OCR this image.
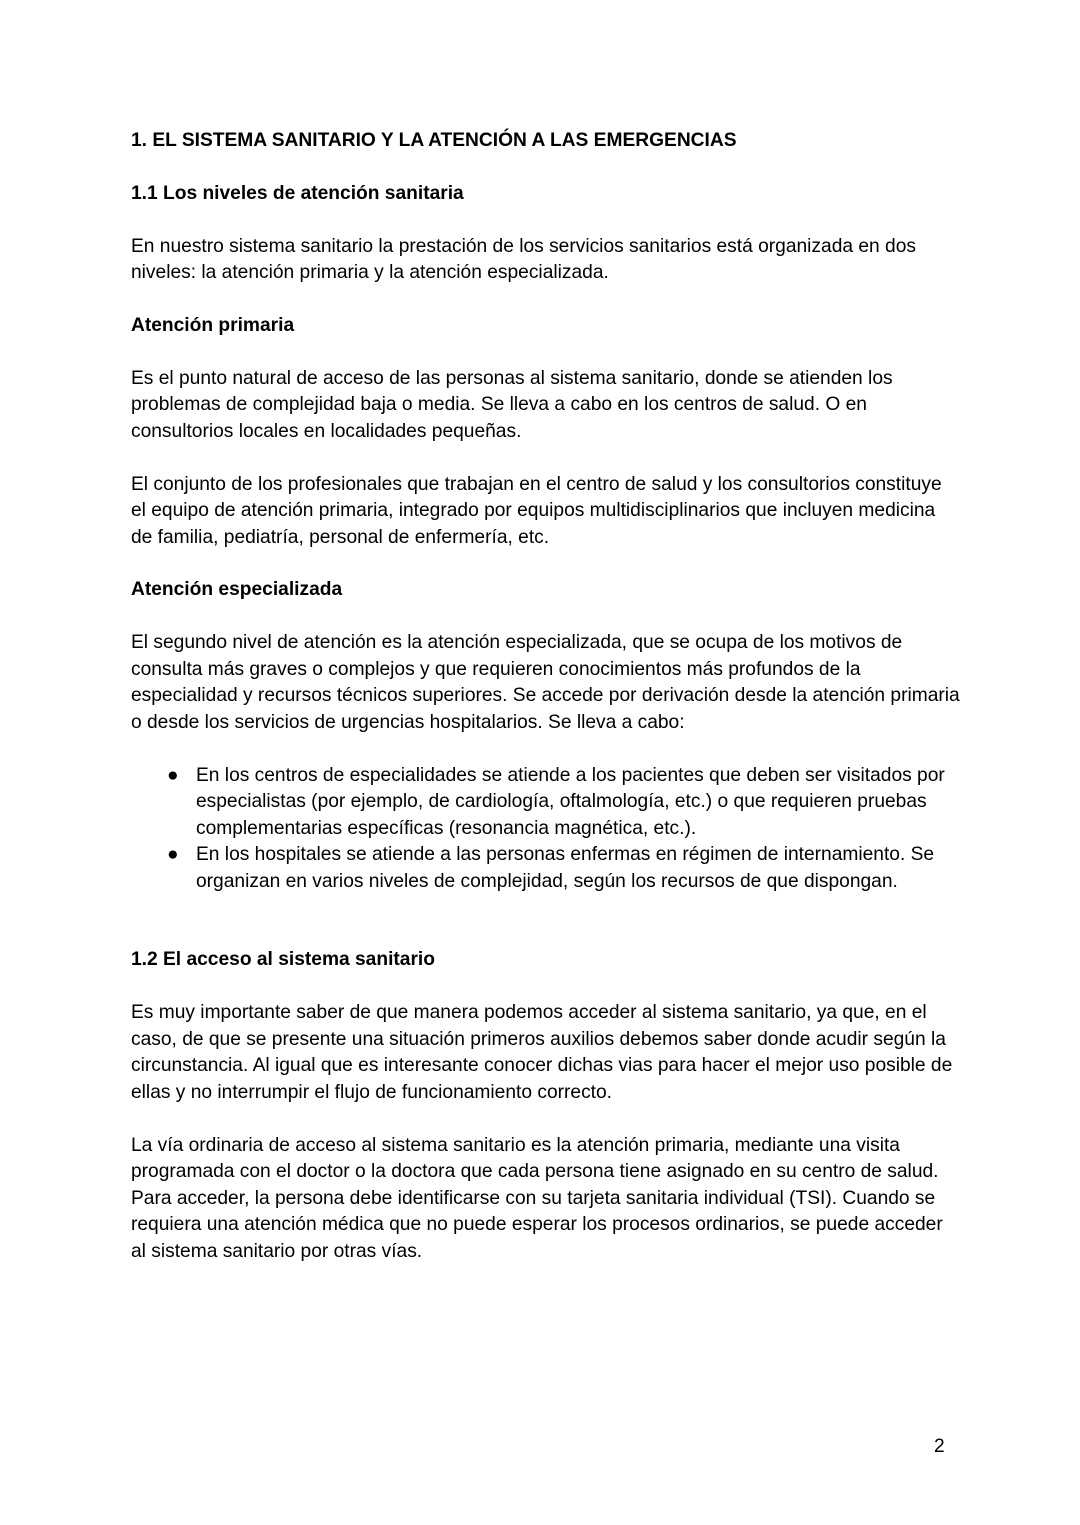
1. EL SISTEMA SANITARIO Y LA ATENCIÓN A LAS EMERGENCIAS
1.1 Los niveles de atención sanitaria

En nuestro sistema sanitario la prestación de los servicios sanitarios está organizada en dos niveles: la atención primaria y la atención especializada.

Atención primaria

Es el punto natural de acceso de las personas al sistema sanitario, donde se atienden los problemas de complejidad baja o media. Se lleva a cabo en los centros de salud. O en consultorios locales en localidades pequeñas.

El conjunto de los profesionales que trabajan en el centro de salud y los consultorios constituye el equipo de atención primaria, integrado por equipos multidisciplinarios que incluyen medicina de familia, pediatría, personal de enfermería, etc.

Atención especializada

El segundo nivel de atención es la atención especializada, que se ocupa de los motivos de consulta más graves o complejos y que requieren conocimientos más profundos de la especialidad y recursos técnicos superiores. Se accede por derivación desde la atención primaria o desde los servicios de urgencias hospitalarios. Se lleva a cabo:

● En los centros de especialidades se atiende a los pacientes que deben ser visitados por especialistas (por ejemplo, de cardiología, oftalmología, etc.) o que requieren pruebas complementarias específicas (resonancia magnética, etc.).
● En los hospitales se atiende a las personas enfermas en régimen de internamiento. Se organizan en varios niveles de complejidad, según los recursos de que dispongan.
1.2 El acceso al sistema sanitario

Es muy importante saber de que manera podemos acceder al sistema sanitario, ya que, en el caso, de que se presente una situación primeros auxilios debemos saber donde acudir según la circunstancia. Al igual que es interesante conocer dichas vias para hacer el mejor uso posible de ellas y no interrumpir el flujo de funcionamiento correcto.

La vía ordinaria de acceso al sistema sanitario es la atención primaria, mediante una visita programada con el doctor o la doctora que cada persona tiene asignado en su centro de salud. Para acceder, la persona debe identificarse con su tarjeta sanitaria individual (TSI). Cuando se requiera una atención médica que no puede esperar los procesos ordinarios, se puede acceder al sistema sanitario por otras vías.

2
